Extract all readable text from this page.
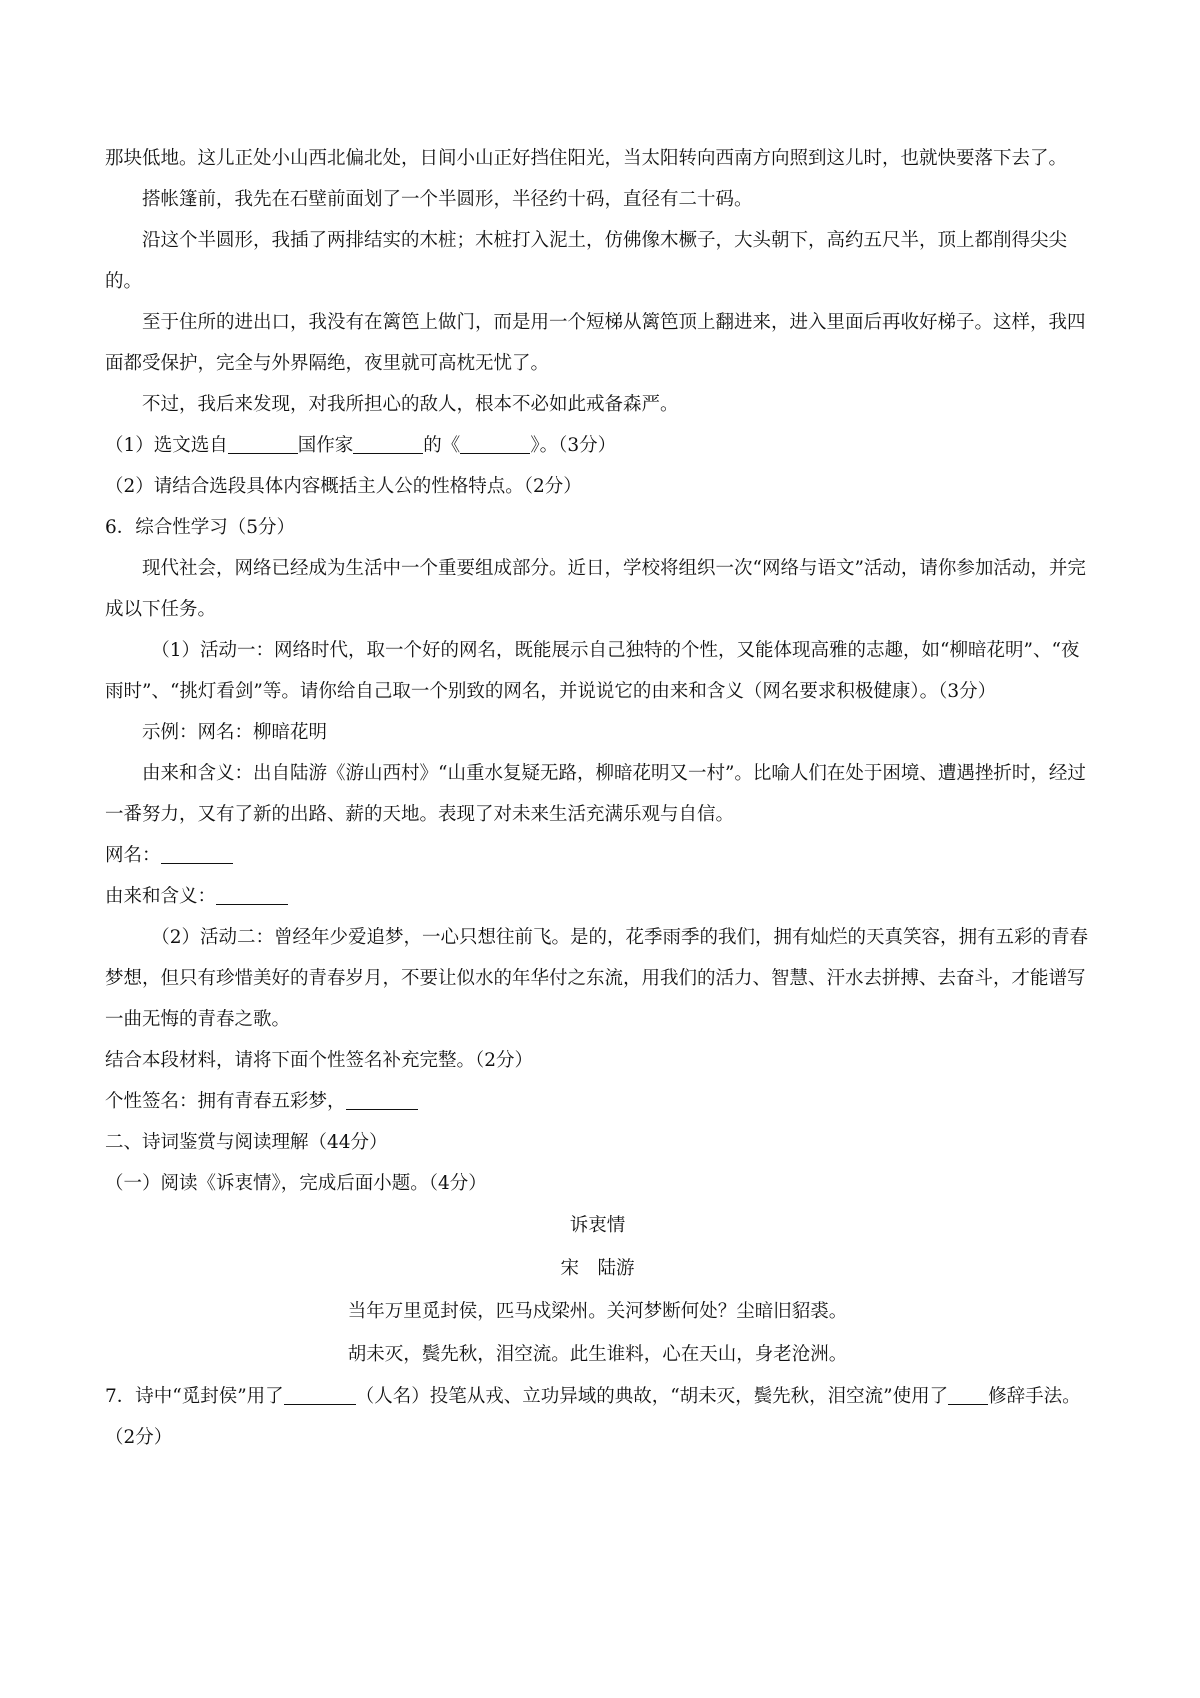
那块低地。这儿正处小山西北偏北处，日间小山正好挡住阳光，当太阳转向西南方向照到这儿时，也就快要落下去了。

搭帐篷前，我先在石壁前面划了一个半圆形，半径约十码，直径有二十码。

沿这个半圆形，我插了两排结实的木桩；木桩打入泥土，仿佛像木橛子，大头朝下，高约五尺半，顶上都削得尖尖的。

至于住所的进出口，我没有在篱笆上做门，而是用一个短梯从篱笆顶上翻进来，进入里面后再收好梯子。这样，我四面都受保护，完全与外界隔绝，夜里就可高枕无忧了。

不过，我后来发现，对我所担心的敌人，根本不必如此戒备森严。

（1）选文选自	国作家	的《	》。（3分）

（2）请结合选段具体内容概括主人公的性格特点。（2分）

6．综合性学习（5分）

现代社会，网络已经成为生活中一个重要组成部分。近日，学校将组织一次“网络与语文”活动，请你参加活动，并完成以下任务。

（1）活动一：网络时代，取一个好的网名，既能展示自己独特的个性，又能体现高雅的志趣，如“柳暗花明”、“夜雨时”、“挑灯看剑”等。请你给自己取一个别致的网名，并说说它的由来和含义（网名要求积极健康）。（3分）

示例：网名：柳暗花明

由来和含义：出自陆游《游山西村》“山重水复疑无路，柳暗花明又一村”。比喻人们在处于困境、遭遇挫折时，经过一番努力，又有了新的出路、薪的天地。表现了对未来生活充满乐观与自信。

网名：

由来和含义：

（2）活动二：曾经年少爱追梦，一心只想往前飞。是的，花季雨季的我们，拥有灿烂的天真笑容，拥有五彩的青春梦想，但只有珍惜美好的青春岁月，不要让似水的年华付之东流，用我们的活力、智慧、汗水去拼搏、去奋斗，才能谱写一曲无悔的青春之歌。

结合本段材料，请将下面个性签名补充完整。（2分）

个性签名：拥有青春五彩梦，

二、诗词鉴赏与阅读理解（44分）

（一）阅读《诉衷情》，完成后面小题。（4分）

诉衷情

宋　陆游

当年万里觅封侯，匹马戍梁州。关河梦断何处？尘暗旧貂裘。

胡未灭，鬓先秋，泪空流。此生谁料，心在天山，身老沧洲。

7．诗中“觅封侯”用了	（人名）投笔从戎、立功异域的典故，“胡未灭，鬓先秋，泪空流”使用了 修辞手法。（2分）
